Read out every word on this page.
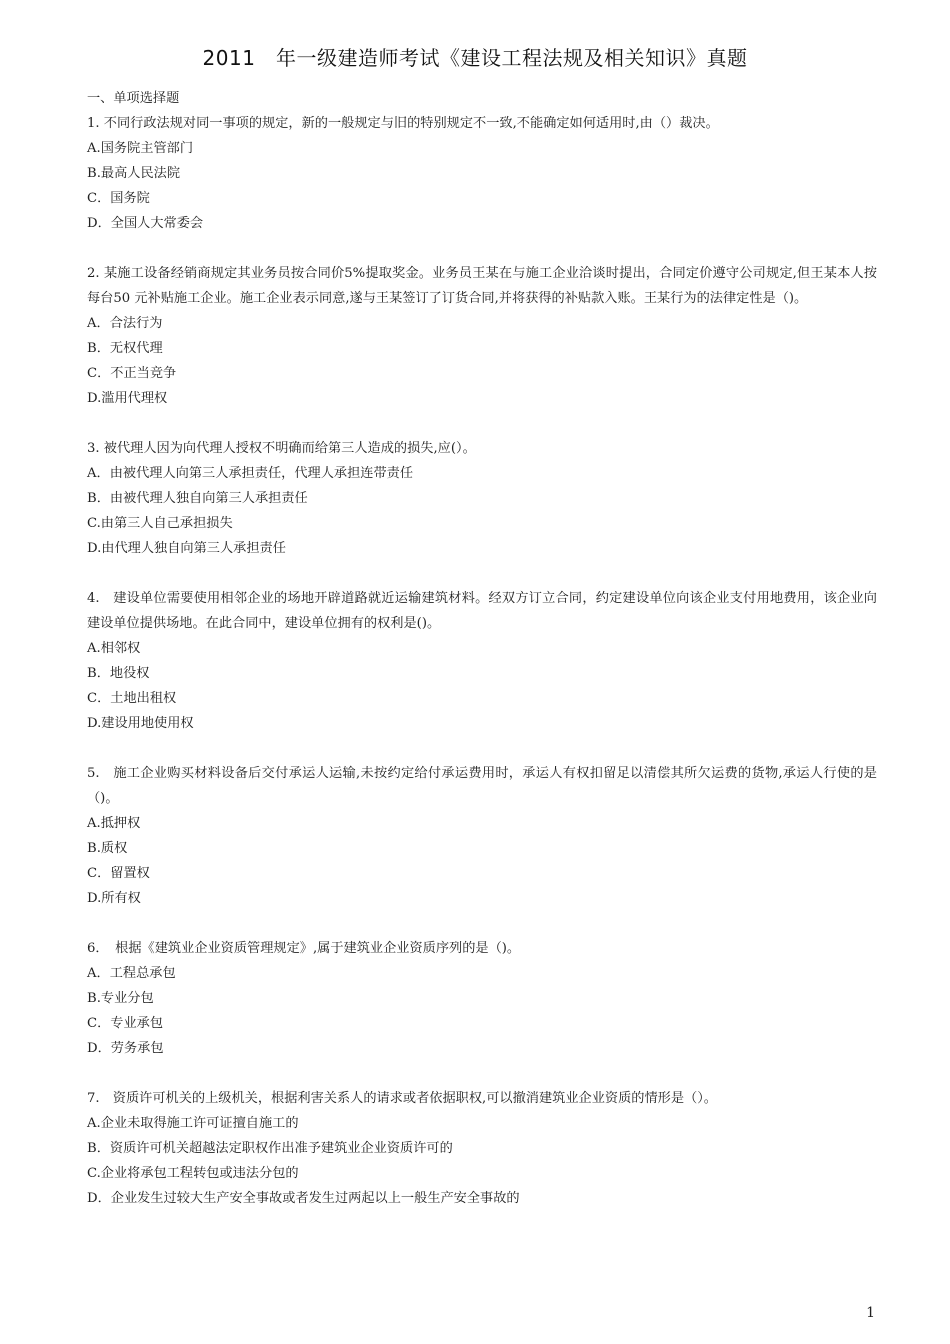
2011　年一级建造师考试《建设工程法规及相关知识》真题
一、单项选择题

1. 不同行政法规对同一事项的规定，新的一般规定与旧的特别规定不一致,不能确定如何适用时,由（）裁决。

A.国务院主管部门

B.最高人民法院

C．国务院

D．全国人大常委会

2. 某施工设备经销商规定其业务员按合同价5%提取奖金。业务员王某在与施工企业洽谈时提出，合同定价遵守公司规定,但王某本人按每台50 元补贴施工企业。施工企业表示同意,遂与王某签订了订货合同,并将获得的补贴款入账。王某行为的法律定性是（)。

A．合法行为

B．无权代理

C．不正当竞争

D.滥用代理权

3. 被代理人因为向代理人授权不明确而给第三人造成的损失,应(）。

A．由被代理人向第三人承担责任，代理人承担连带责任

B．由被代理人独自向第三人承担责任

C.由第三人自己承担损失

D.由代理人独自向第三人承担责任

4.　建设单位需要使用相邻企业的场地开辟道路就近运输建筑材料。经双方订立合同，约定建设单位向该企业支付用地费用，该企业向建设单位提供场地。在此合同中，建设单位拥有的权利是()。

A.相邻权

B．地役权

C．土地出租权

D.建设用地使用权

5.　施工企业购买材料设备后交付承运人运输,未按约定给付承运费用时，承运人有权扣留足以清偿其所欠运费的货物,承运人行使的是（)。

A.抵押权

B.质权

C．留置权

D.所有权

6．　根据《建筑业企业资质管理规定》,属于建筑业企业资质序列的是（)。

A．工程总承包

B.专业分包

C．专业承包

D．劳务承包

7.　资质许可机关的上级机关，根据利害关系人的请求或者依据职权,可以撤消建筑业企业资质的情形是（）。

A.企业未取得施工许可证擅自施工的

B．资质许可机关超越法定职权作出准予建筑业企业资质许可的

C.企业将承包工程转包或违法分包的

D．企业发生过较大生产安全事故或者发生过两起以上一般生产安全事故的

1
